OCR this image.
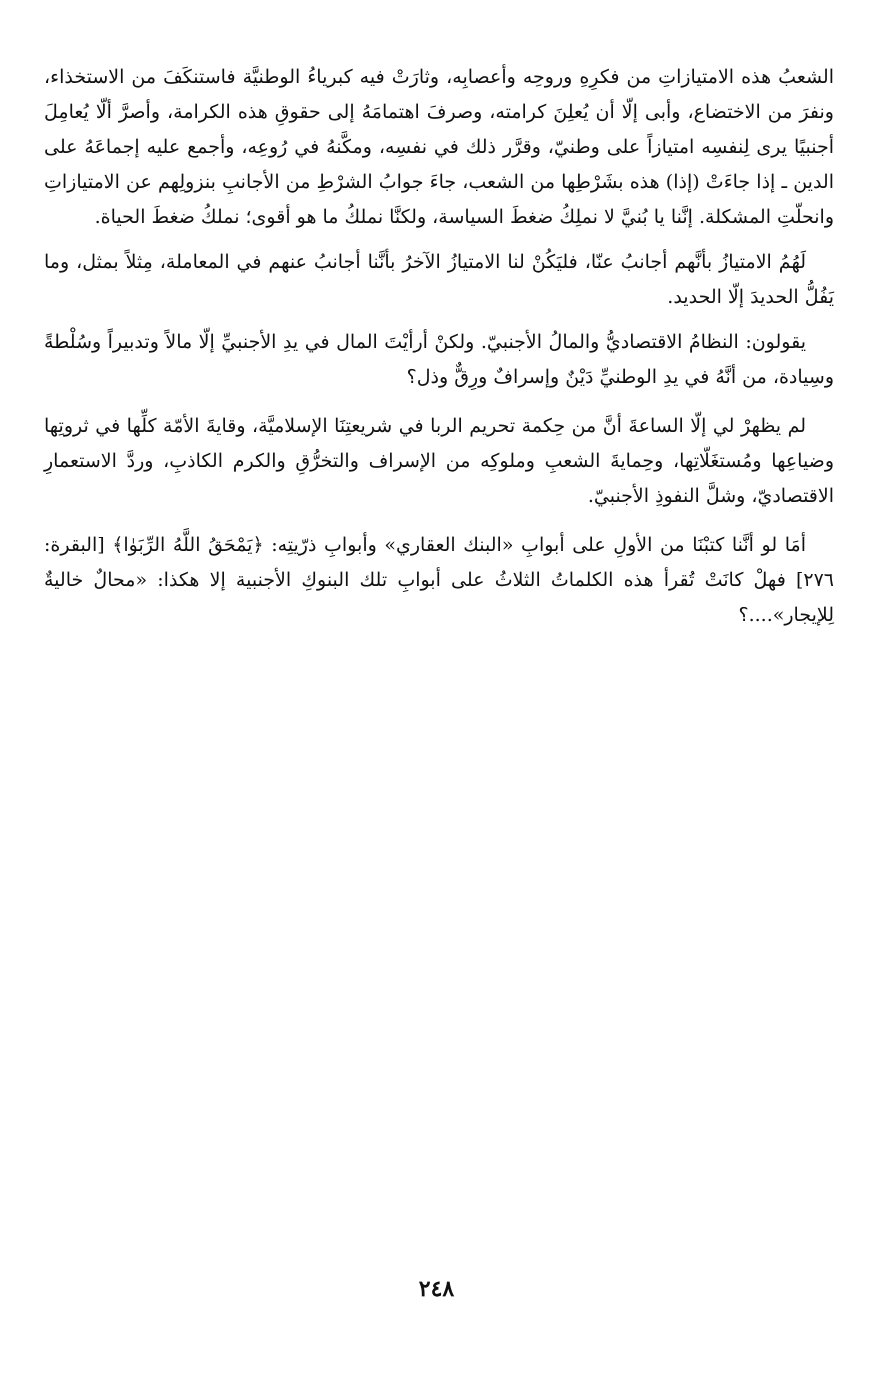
الشعبُ هذه الامتيازاتِ من فكرِهِ وروحِه وأعصابِه، وثارَتْ فيه كبرياءُ الوطنيَّة فاستنكَفَ من الاستخذاء، ونفرَ من الاختضاع، وأبى إلّا أن يُعلِنَ كرامته، وصرفَ اهتمامَهُ إلى حقوقِ هذه الكرامة، وأصرَّ ألّا يُعامِلَ أجنبيًا يرى لِنفسِه امتيازاً على وطنيّ، وقرَّر ذلك في نفسِه، ومكَّنهُ في رُوعِه، وأجمع عليه إجماعَهُ على الدين ـ إذا جاءَتْ (إذا) هذه بشَرْطِها من الشعب، جاءَ جوابُ الشرْطِ من الأجانبِ بنزولِهم عن الامتيازاتِ وانحلّتِ المشكلة. إنَّنا يا بُنيَّ لا نملِكُ ضغطَ السياسة، ولكنَّا نملكُ ما هو أقوى؛ نملكُ ضغطَ الحياة.

لَهُمُ الامتيازُ بأنَّهم أجانبُ عنّا، فليَكُنْ لنا الامتيازُ الآخرُ بأنَّنا أجانبُ عنهم في المعاملة، مِثلاً بمثل، وما يَفُلُّ الحديدَ إلّا الحديد.

يقولون: النظامُ الاقتصاديُّ والمالُ الأجنبيّ. ولكنْ أرأيْتَ المال في يدِ الأجنبيِّ إلّا مالاً وتدبيراً وسُلْطةً وسِيادة، من أنَّهُ في يدِ الوطنيِّ دَيْنٌ وإسرافٌ ورِقٌّ وذل؟

لم يظهرْ لي إلّا الساعةَ أنَّ من حِكمة تحريم الربا في شريعتِنَا الإسلاميَّة، وقايةَ الأمّة كلِّها في ثروتِها وضياعِها ومُستغَلّاتِها، وحِمايةَ الشعبِ وملوكِه من الإسراف والتخرُّقِ والكرم الكاذبِ، وردَّ الاستعمارِ الاقتصاديّ، وشلَّ النفوذِ الأجنبيّ.

أمَا لو أنَّنا كتبْنَا من الأولِ على أبوابِ «البنك العقاري» وأبوابِ ذرّيتِه: ﴿يَمْحَقُ اللَّهُ الرِّبَوٰا﴾ [البقرة: ٢٧٦] فهلْ كانَتْ تُقرأ هذه الكلماتُ الثلاثُ على أبوابِ تلك البنوكِ الأجنبية إلا هكذا: «محالٌ خاليةٌ لِلإيجار»....؟

٢٤٨
